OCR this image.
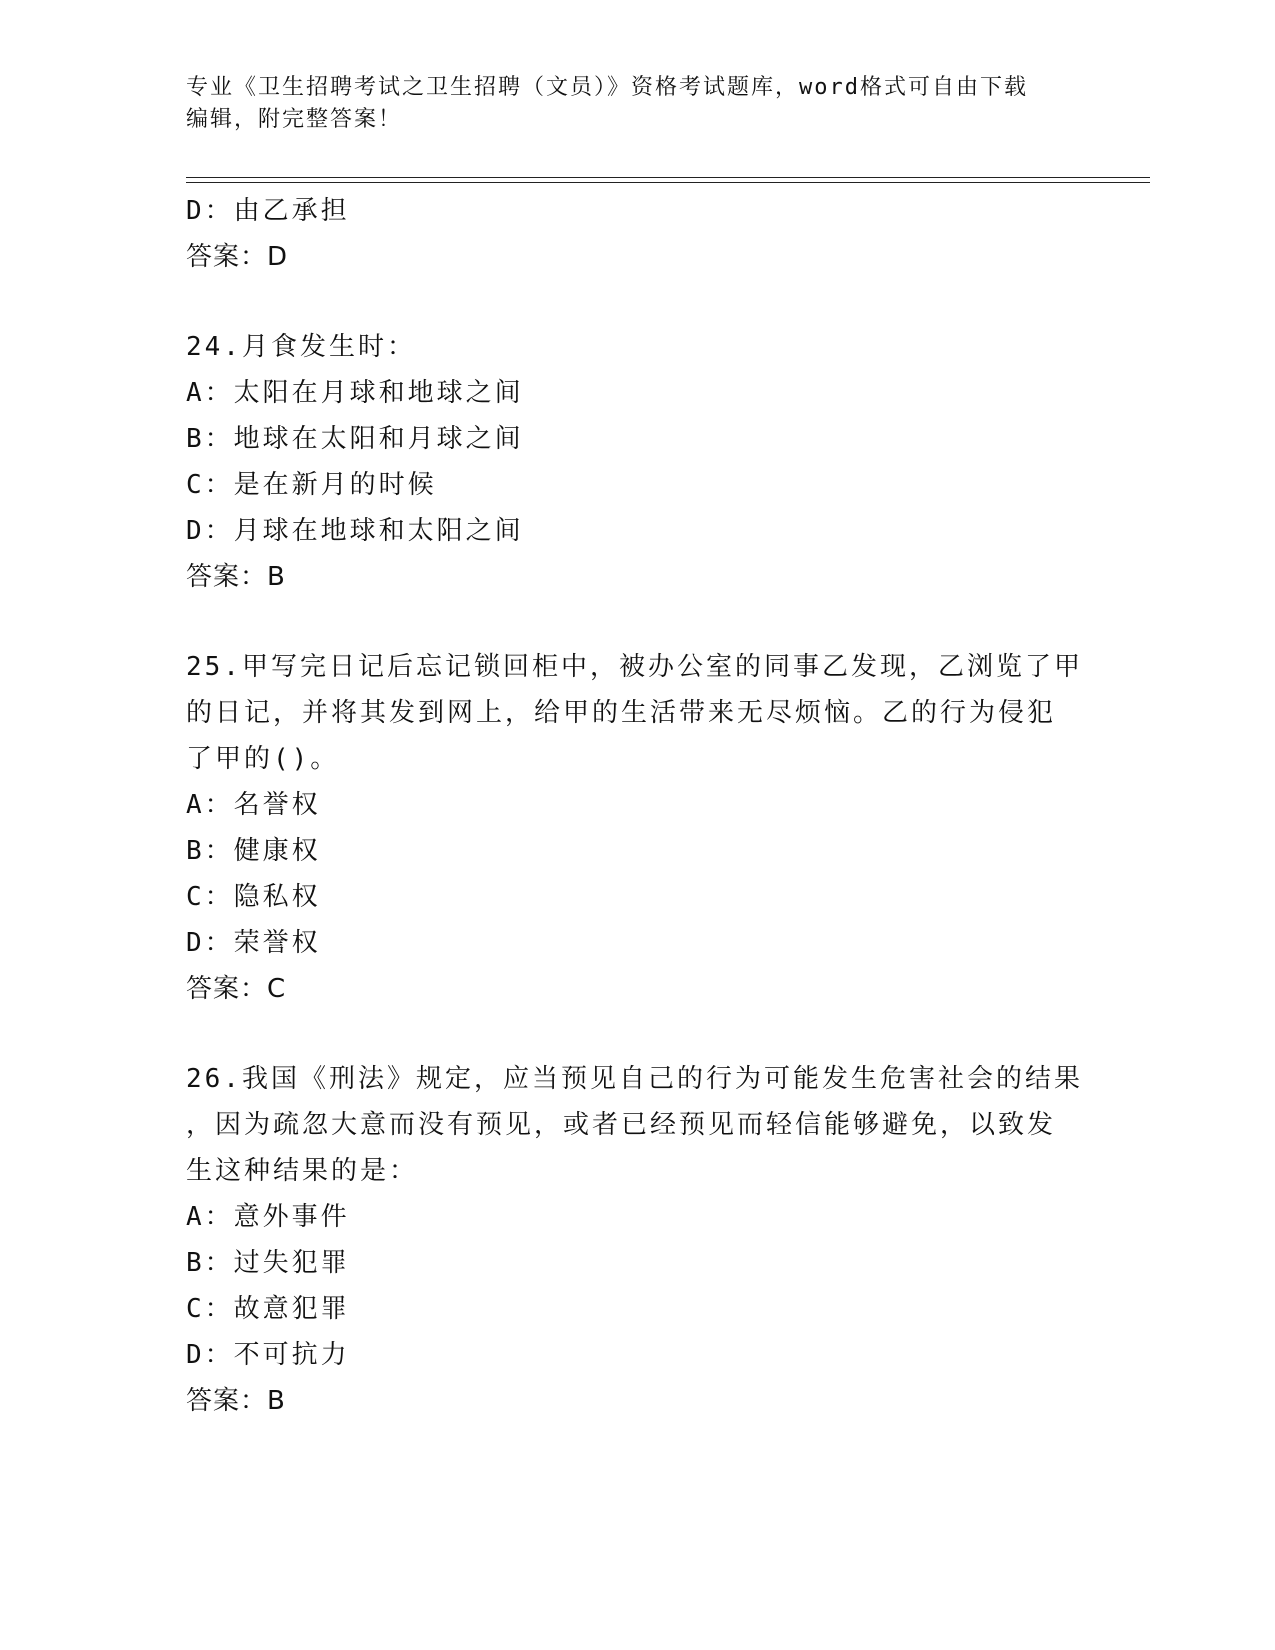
专业《卫生招聘考试之卫生招聘（文员）》资格考试题库，word格式可自由下载
编辑，附完整答案！
D：由乙承担
答案：D
24.月食发生时：
A：太阳在月球和地球之间
B：地球在太阳和月球之间
C：是在新月的时候
D：月球在地球和太阳之间
答案：B
25.甲写完日记后忘记锁回柜中，被办公室的同事乙发现，乙浏览了甲
的日记，并将其发到网上，给甲的生活带来无尽烦恼。乙的行为侵犯
了甲的()。
A：名誉权
B：健康权
C：隐私权
D：荣誉权
答案：C
26.我国《刑法》规定，应当预见自己的行为可能发生危害社会的结果
，因为疏忽大意而没有预见，或者已经预见而轻信能够避免，以致发
生这种结果的是：
A：意外事件
B：过失犯罪
C：故意犯罪
D：不可抗力
答案：B
